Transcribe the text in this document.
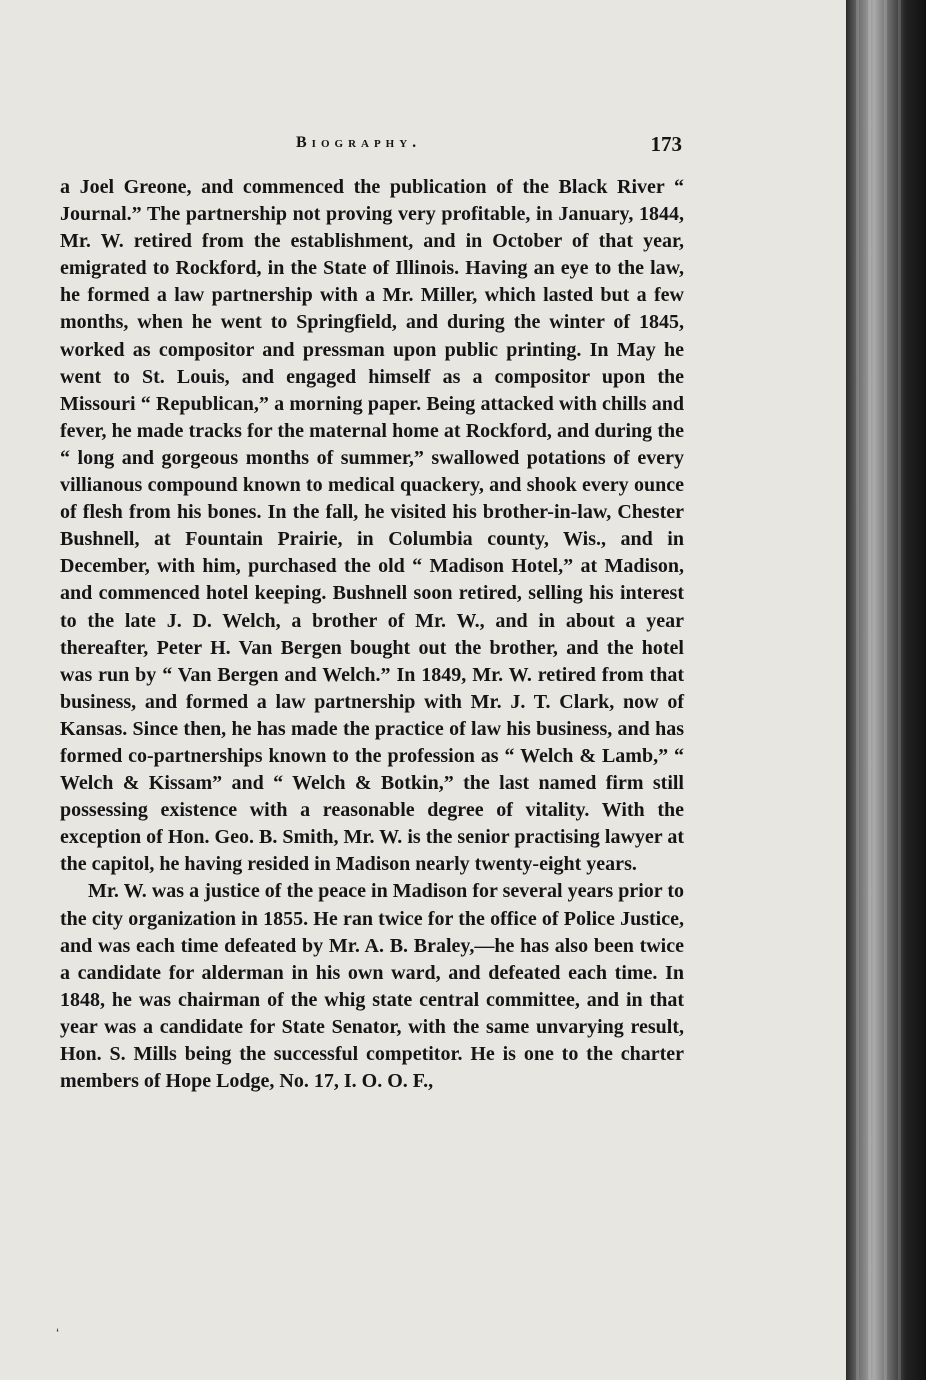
Biography.	173

a Joel Greone, and commenced the publication of the Black River “ Journal.” The partnership not proving very profitable, in January, 1844, Mr. W. retired from the establishment, and in October of that year, emigrated to Rockford, in the State of Illinois. Having an eye to the law, he formed a law partnership with a Mr. Miller, which lasted but a few months, when he went to Springfield, and during the winter of 1845, worked as compositor and pressman upon public printing. In May he went to St. Louis, and engaged himself as a compositor upon the Missouri “ Republican,” a morning paper. Being attacked with chills and fever, he made tracks for the maternal home at Rockford, and during the “ long and gorgeous months of summer,” swallowed potations of every villianous compound known to medical quackery, and shook every ounce of flesh from his bones. In the fall, he visited his brother-in-law, Chester Bushnell, at Fountain Prairie, in Columbia county, Wis., and in December, with him, purchased the old “ Madison Hotel,” at Madison, and commenced hotel keeping. Bushnell soon retired, selling his interest to the late J. D. Welch, a brother of Mr. W., and in about a year thereafter, Peter H. Van Bergen bought out the brother, and the hotel was run by “ Van Bergen and Welch.” In 1849, Mr. W. retired from that business, and formed a law partnership with Mr. J. T. Clark, now of Kansas. Since then, he has made the practice of law his business, and has formed co-partnerships known to the profession as “ Welch & Lamb,” “ Welch & Kissam” and “ Welch & Botkin,” the last named firm still possessing existence with a reasonable degree of vitality. With the exception of Hon. Geo. B. Smith, Mr. W. is the senior practising lawyer at the capitol, he having resided in Madison nearly twenty-eight years.

Mr. W. was a justice of the peace in Madison for several years prior to the city organization in 1855. He ran twice for the office of Police Justice, and was each time defeated by Mr. A. B. Braley,—he has also been twice a candidate for alderman in his own ward, and defeated each time. In 1848, he was chairman of the whig state central committee, and in that year was a candidate for State Senator, with the same unvarying result, Hon. S. Mills being the successful competitor. He is one to the charter members of Hope Lodge, No. 17, I. O. O. F.,

‘
